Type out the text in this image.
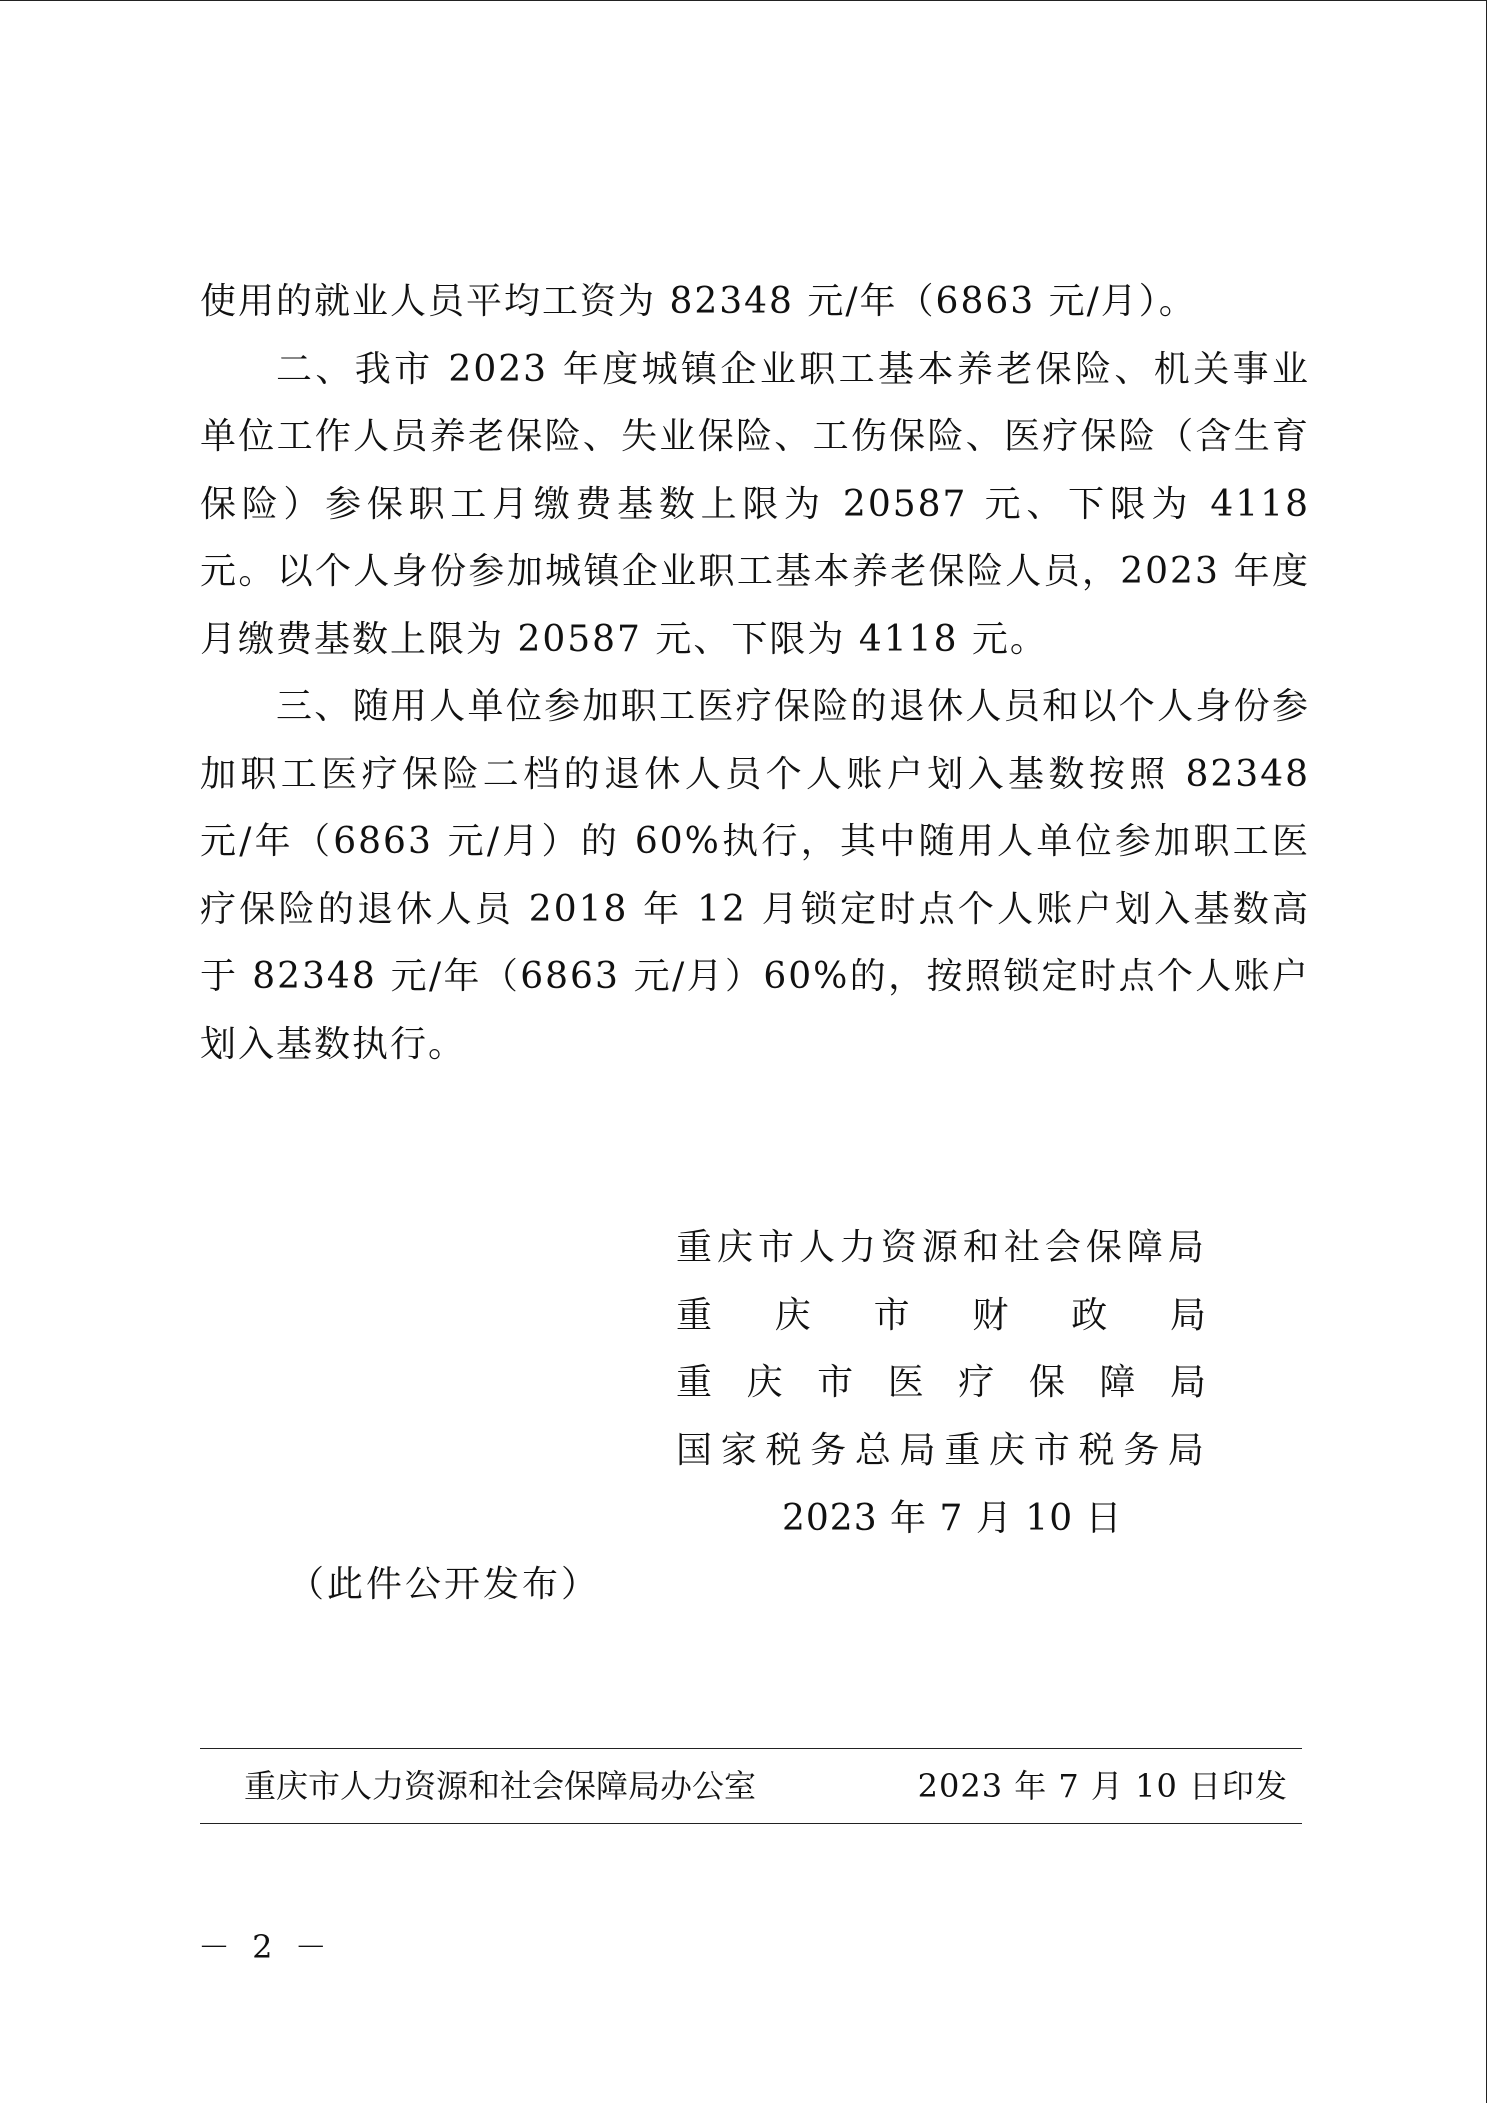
使用的就业人员平均工资为 82348 元/年（6863 元/月）。

二、我市 2023 年度城镇企业职工基本养老保险、机关事业单位工作人员养老保险、失业保险、工伤保险、医疗保险（含生育保险）参保职工月缴费基数上限为 20587 元、下限为 4118 元。以个人身份参加城镇企业职工基本养老保险人员，2023 年度月缴费基数上限为 20587 元、下限为 4118 元。

三、随用人单位参加职工医疗保险的退休人员和以个人身份参加职工医疗保险二档的退休人员个人账户划入基数按照 82348 元/年（6863 元/月）的 60%执行，其中随用人单位参加职工医疗保险的退休人员 2018 年 12 月锁定时点个人账户划入基数高于 82348 元/年（6863 元/月）60%的，按照锁定时点个人账户划入基数执行。

重 庆 市 人 力 资 源 和 社 会 保 障 局
重 庆 市 财 政 局
重 庆 市 医 疗 保 障 局
国 家 税 务 总 局 重 庆 市 税 务 局
2023 年 7 月 10 日
（此件公开发布）
重庆市人力资源和社会保障局办公室	2023 年 7 月 10 日印发
－ 2 －
